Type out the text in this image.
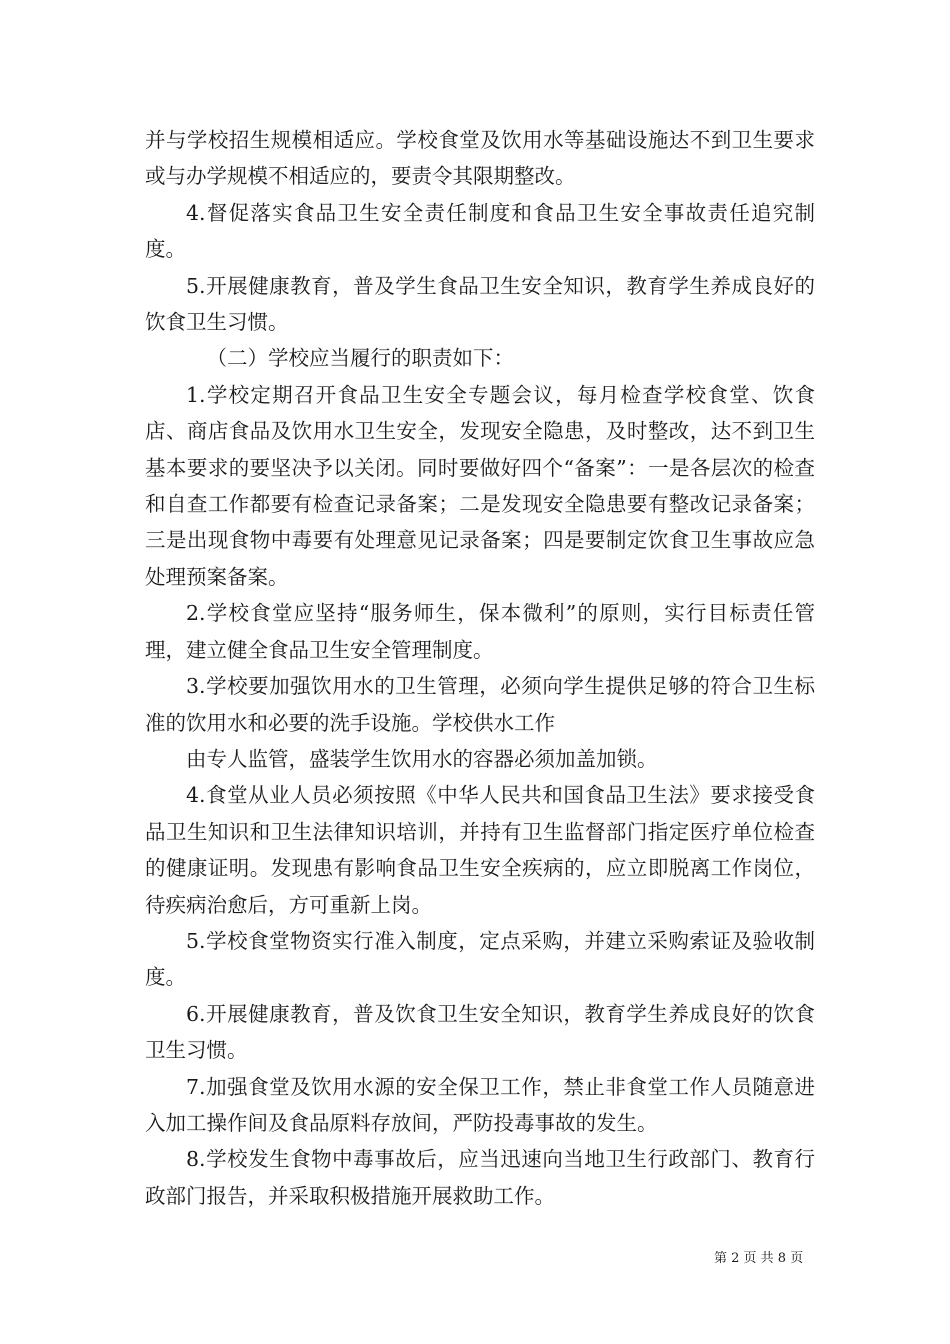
并与学校招生规模相适应。学校食堂及饮用水等基础设施达不到卫生要求或与办学规模不相适应的，要责令其限期整改。

4.督促落实食品卫生安全责任制度和食品卫生安全事故责任追究制度。

5.开展健康教育，普及学生食品卫生安全知识，教育学生养成良好的饮食卫生习惯。

（二）学校应当履行的职责如下：

1.学校定期召开食品卫生安全专题会议，每月检查学校食堂、饮食店、商店食品及饮用水卫生安全，发现安全隐患，及时整改，达不到卫生基本要求的要坚决予以关闭。同时要做好四个“备案”：一是各层次的检查和自查工作都要有检查记录备案；二是发现安全隐患要有整改记录备案；三是出现食物中毒要有处理意见记录备案；四是要制定饮食卫生事故应急处理预案备案。

2.学校食堂应坚持“服务师生，保本微利”的原则，实行目标责任管理，建立健全食品卫生安全管理制度。

3.学校要加强饮用水的卫生管理，必须向学生提供足够的符合卫生标准的饮用水和必要的洗手设施。学校供水工作

由专人监管，盛装学生饮用水的容器必须加盖加锁。

4.食堂从业人员必须按照《中华人民共和国食品卫生法》要求接受食品卫生知识和卫生法律知识培训，并持有卫生监督部门指定医疗单位检查的健康证明。发现患有影响食品卫生安全疾病的，应立即脱离工作岗位，待疾病治愈后，方可重新上岗。

5.学校食堂物资实行准入制度，定点采购，并建立采购索证及验收制度。

6.开展健康教育，普及饮食卫生安全知识，教育学生养成良好的饮食卫生习惯。

7.加强食堂及饮用水源的安全保卫工作，禁止非食堂工作人员随意进入加工操作间及食品原料存放间，严防投毒事故的发生。

8.学校发生食物中毒事故后，应当迅速向当地卫生行政部门、教育行政部门报告，并采取积极措施开展救助工作。

第 2 页 共 8 页
